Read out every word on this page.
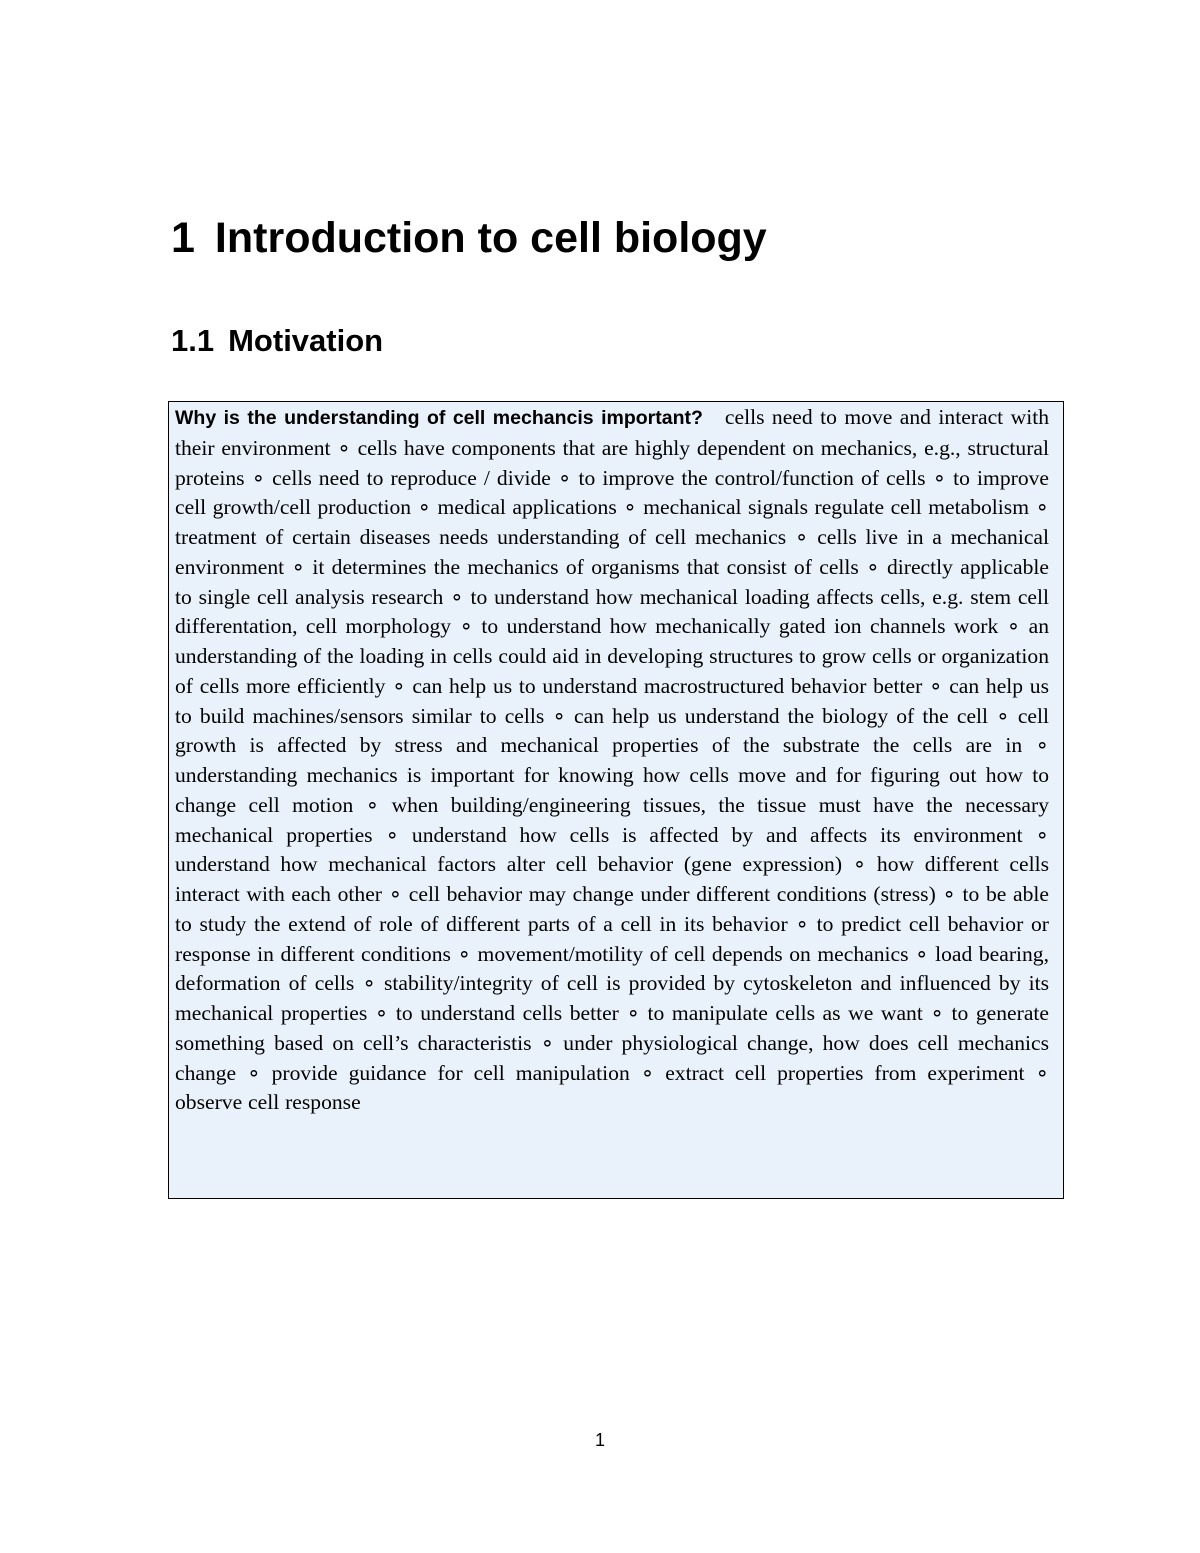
1 Introduction to cell biology
1.1 Motivation

Why is the understanding of cell mechancis important? cells need to move and interact with their environment ∘ cells have components that are highly dependent on mechanics, e.g., structural proteins ∘ cells need to reproduce / divide ∘ to improve the control/function of cells ∘ to improve cell growth/cell production ∘ medical applications ∘ mechanical signals regulate cell metabolism ∘ treatment of certain diseases needs understanding of cell mechanics ∘ cells live in a mechanical environment ∘ it determines the mechanics of organisms that consist of cells ∘ directly applicable to single cell analysis research ∘ to understand how mechanical loading affects cells, e.g. stem cell differentation, cell morphology ∘ to understand how mechanically gated ion channels work ∘ an understanding of the loading in cells could aid in developing structures to grow cells or organization of cells more efficiently ∘ can help us to understand macrostructured behavior better ∘ can help us to build machines/sensors similar to cells ∘ can help us understand the biology of the cell ∘ cell growth is affected by stress and mechanical properties of the substrate the cells are in ∘ understanding mechanics is important for knowing how cells move and for figuring out how to change cell motion ∘ when building/engineering tissues, the tissue must have the necessary mechanical properties ∘ understand how cells is affected by and affects its environment ∘ understand how mechanical factors alter cell behavior (gene expression) ∘ how different cells interact with each other ∘ cell behavior may change under different conditions (stress) ∘ to be able to study the extend of role of different parts of a cell in its behavior ∘ to predict cell behavior or response in different conditions ∘ movement/motility of cell depends on mechanics ∘ load bearing, deformation of cells ∘ stability/integrity of cell is provided by cytoskeleton and influenced by its mechanical properties ∘ to understand cells better ∘ to manipulate cells as we want ∘ to generate something based on cell’s characteristis ∘ under physiological change, how does cell mechanics change ∘ provide guidance for cell manipulation ∘ extract cell properties from experiment ∘ observe cell response

1
